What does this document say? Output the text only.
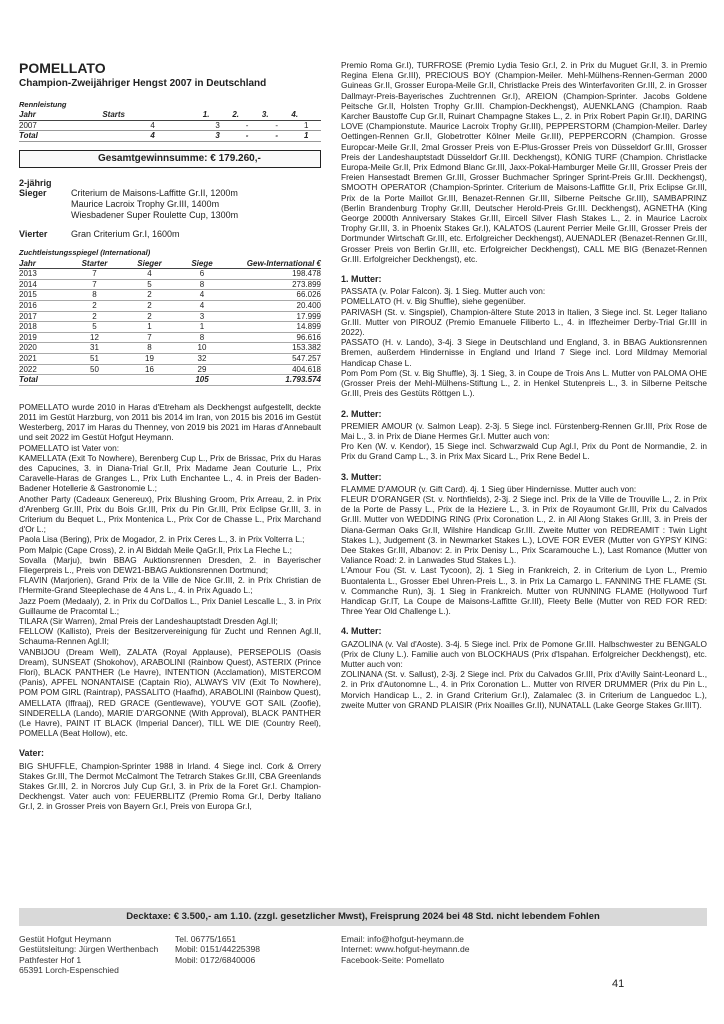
POMELLATO
Champion-Zweijähriger Hengst 2007 in Deutschland
Rennleistung
Jahr	Starts	1.	2.	3.	4.
2007	4	3	-	-	1
Total	4	3	-	-	1
Gesamtgewinnsumme: € 179.260,-
2-jährig
Sieger	Criterium de Maisons-Laffitte Gr.II, 1200m
Maurice Lacroix Trophy Gr.III, 1400m
Wiesbadener Super Roulette Cup, 1300m
Vierter	Gran Criterium Gr.I, 1600m
Zuchtleistungsspiegel (International)
Jahr	Starter	Sieger	Siege	Gew-International €
2013	7	4	6	198.478
2014	7	5	8	273.899
2015	8	2	4	66.026
2016	2	2	4	20.400
2017	2	2	3	17.999
2018	5	1	1	14.899
2019	12	7	8	96.616
2020	31	8	10	153.382
2021	51	19	32	547.257
2022	50	16	29	404.618
Total			105	1.793.574
POMELLATO wurde 2010 in Haras d'Etreham als Deckhengst aufgestellt, deckte 2011 im Gestüt Harzburg, von 2011 bis 2014 im Iran, von 2015 bis 2016 im Gestüt Westerberg, 2017 im Haras du Thenney, von 2019 bis 2021 im Haras d'Annebault und seit 2022 im Gestüt Hofgut Heymann.
POMELLATO ist Vater von:
KAMELLATA (Exit To Nowhere), Berenberg Cup L., Prix de Brissac, Prix du Haras des Capucines, 3. in Diana-Trial Gr.II, Prix Madame Jean Couturie L., Prix Caravelle-Haras de Granges L., Prix Luth Enchantee L., 4. in Preis der Baden-Badener Hotellerie & Gastronomie L.;
Another Party (Cadeaux Genereux), Prix Blushing Groom, Prix Arreau, 2. in Prix d'Arenberg Gr.III, Prix du Bois Gr.III, Prix du Pin Gr.III, Prix Eclipse Gr.III, 3. in Criterium du Bequet L., Prix Montenica L., Prix Cor de Chasse L., Prix Marchand d'Or L.;
Paola Lisa (Bering), Prix de Mogador, 2. in Prix Ceres L., 3. in Prix Volterra L.;
Pom Malpic (Cape Cross), 2. in Al Biddah Meile QaGr.II, Prix La Fleche L.;
Sovalla (Marju), bwin BBAG Auktionsrennen Dresden, 2. in Bayerischer Fliegerpreis L., Preis von DEW21-BBAG Auktionsrennen Dortmund;
FLAVIN (Marjorien), Grand Prix de la Ville de Nice Gr.III, 2. in Prix Christian de l'Hermite-Grand Steeplechase de 4 Ans L., 4. in Prix Aguado L.;
Jazz Poem (Medaaly), 2. in Prix du Col'Dallos L., Prix Daniel Lescalle L., 3. in Prix Guillaume de Pracomtal L.;
TILARA (Sir Warren), 2mal Preis der Landeshauptstadt Dresden Agl.II;
FELLOW (Kallisto), Preis der Besitzervereinigung für Zucht und Rennen Agl.II, Schauma-Rennen Agl.II;
VANBIJOU (Dream Well), ZALATA (Royal Applause), PERSEPOLIS (Oasis Dream), SUNSEAT (Shokohov), ARABOLINI (Rainbow Quest), ASTERIX (Prince Flori), BLACK PANTHER (Le Havre), INTENTION (Acclamation), MISTERCOM (Panis), APFEL NONANTAISE (Captain Rio), ALWAYS VIV (Exit To Nowhere), POM POM GIRL (Raintrap), PASSALITO (Haafhd), ARABOLINI (Rainbow Quest), AMELLATA (Iffraaj), RED GRACE (Gentlewave), YOU'VE GOT SAIL (Zoofie), SINDERELLA (Lando), MARIE D'ARGONNE (With Approval), BLACK PANTHER (Le Havre), PAINT IT BLACK (Imperial Dancer), TILL WE DIE (Country Reel), POMELLA (Beat Hollow), etc.
Vater:
BIG SHUFFLE, Champion-Sprinter 1988 in Irland. 4 Siege incl. Cork & Orrery Stakes Gr.III, The Dermot McCalmont The Tetrarch Stakes Gr.III, CBA Greenlands Stakes Gr.III, 2. in Norcros July Cup Gr.I, 3. in Prix de la Foret Gr.I. Champion-Deckhengst. Vater auch von: FEUERBLITZ (Premio Roma Gr.I, Derby Italiano Gr.I, 2. in Grosser Preis von Bayern Gr.I, Preis von Europa Gr.I,
Premio Roma Gr.I), TURFROSE (Premio Lydia Tesio Gr.I, 2. in Prix du Muguet Gr.II, 3. in Premio Regina Elena Gr.III), PRECIOUS BOY (Champion-Meiler. Mehl-Mülhens-Rennen-German 2000 Guineas Gr.II, Grosser Europa-Meile Gr.II, Christlacke Preis des Winterfavoriten Gr.III, 2. in Grosser Dallmayr-Preis-Bayerisches Zuchtrennen Gr.I), AREION (Champion-Sprinter. Jacobs Goldene Peitsche Gr.II, Holsten Trophy Gr.III. Champion-Deckhengst), AUENKLANG (Champion. Raab Karcher Baustoffe Cup Gr.II, Ruinart Champagne Stakes L., 2. in Prix Robert Papin Gr.II), DARING LOVE (Championstute. Maurice Lacroix Trophy Gr.III), PEPPERSTORM (Champion-Meiler. Darley Oettingen-Rennen Gr.II, Globetrotter Kölner Meile Gr.III), PEPPERCORN (Champion. Grosse Europcar-Meile Gr.II, 2mal Grosser Preis von E-Plus-Grosser Preis von Düsseldorf Gr.III, Grosser Preis der Landeshauptstadt Düsseldorf Gr.III. Deckhengst), KÖNIG TURF (Champion. Christlacke Europa-Meile Gr.II, Prix Edmond Blanc Gr.III, Jaxx-Pokal-Hamburger Meile Gr.III, Grosser Preis der Freien Hansestadt Bremen Gr.III, Grosser Buchmacher Springer Sprint-Preis Gr.III. Deckhengst), SMOOTH OPERATOR (Champion-Sprinter. Criterium de Maisons-Laffitte Gr.II, Prix Eclipse Gr.III, Prix de la Porte Maillot Gr.III, Benazet-Rennen Gr.III, Silberne Peitsche Gr.III), SAMBAPRINZ (Berlin Brandenburg Trophy Gr.III, Deutscher Herold-Preis Gr.III. Deckhengst), AGNETHA (King George 2000th Anniversary Stakes Gr.III, Eircell Silver Flash Stakes L., 2. in Maurice Lacroix Trophy Gr.III, 3. in Phoenix Stakes Gr.I), KALATOS (Laurent Perrier Meile Gr.III, Grosser Preis der Dortmunder Wirtschaft Gr.III, etc. Erfolgreicher Deckhengst), AUENADLER (Benazet-Rennen Gr.III, Grosser Preis von Berlin Gr.III, etc. Erfolgreicher Deckhengst), CALL ME BIG (Benazet-Rennen Gr.III. Erfolgreicher Deckhengst), etc.
1. Mutter:
PASSATA (v. Polar Falcon). 3j. 1 Sieg. Mutter auch von:
POMELLATO (H. v. Big Shuffle), siehe gegenüber.
PARIVASH (St. v. Singspiel), Champion-ältere Stute 2013 in Italien, 3 Siege incl. St. Leger Italiano Gr.III. Mutter von PIROUZ (Premio Emanuele Filiberto L., 4. in Iffezheimer Derby-Trial Gr.III in 2022).
PASSATO (H. v. Lando), 3-4j. 3 Siege in Deutschland und England, 3. in BBAG Auktionsrennen Bremen, außerdem Hindernisse in England und Irland 7 Siege incl. Lord Mildmay Memorial Handicap Chase L.
Pom Pom Pom (St. v. Big Shuffle), 3j. 1 Sieg, 3. in Coupe de Trois Ans L. Mutter von PALOMA OHE (Grosser Preis der Mehl-Mülhens-Stiftung L., 2. in Henkel Stutenpreis L., 3. in Silberne Peitsche Gr.III, Preis des Gestüts Röttgen L.).
2. Mutter:
PREMIER AMOUR (v. Salmon Leap). 2-3j. 5 Siege incl. Fürstenberg-Rennen Gr.III, Prix Rose de Mai L., 3. in Prix de Diane Hermes Gr.I. Mutter auch von:
Pro Ken (W. v. Kendor), 15 Siege incl. Schwarzwald Cup Agl.I, Prix du Pont de Normandie, 2. in Prix du Grand Camp L., 3. in Prix Max Sicard L., Prix Rene Bedel L.
3. Mutter:
FLAMME D'AMOUR (v. Gift Card). 4j. 1 Sieg über Hindernisse. Mutter auch von:
FLEUR D'ORANGER (St. v. Northfields), 2-3j. 2 Siege incl. Prix de la Ville de Trouville L., 2. in Prix de la Porte de Passy L., Prix de la Heziere L., 3. in Prix de Royaumont Gr.III, Prix du Calvados Gr.III. Mutter von WEDDING RING (Prix Coronation L., 2. in All Along Stakes Gr.III, 3. in Preis der Diana-German Oaks Gr.II, Wilshire Handicap Gr.III. Zweite Mutter von REDREAMIT : Twin Light Stakes L.), Judgement (3. in Newmarket Stakes L.), LOVE FOR EVER (Mutter von GYPSY KING: Dee Stakes Gr.III, Albanov: 2. in Prix Denisy L., Prix Scaramouche L.), Last Romance (Mutter von Valiance Road: 2. in Lanwades Stud Stakes L.).
L'Amour Fou (St. v. Last Tycoon), 2j. 1 Sieg in Frankreich, 2. in Criterium de Lyon L., Premio Buontalenta L., Grosser Ebel Uhren-Preis L., 3. in Prix La Camargo L. FANNING THE FLAME (St. v. Commanche Run), 3j. 1 Sieg in Frankreich. Mutter von RUNNING FLAME (Hollywood Turf Handicap Gr.IT, La Coupe de Maisons-Laffitte Gr.III), Fleety Belle (Mutter von RED FOR RED: Three Year Old Challenge L.).
4. Mutter:
GAZOLINA (v. Val d'Aoste). 3-4j. 5 Siege incl. Prix de Pomone Gr.III. Halbschwester zu BENGALO (Prix de Cluny L.). Familie auch von BLOCKHAUS (Prix d'Ispahan. Erfolgreicher Deckhengst), etc. Mutter auch von:
ZOLINANA (St. v. Sallust), 2-3j. 2 Siege incl. Prix du Calvados Gr.III, Prix d'Avilly Saint-Leonard L., 2. in Prix d'Autonomne L., 4. in Prix Coronation L.. Mutter von RIVER DRUMMER (Prix du Pin L., Morvich Handicap L., 2. in Grand Criterium Gr.I), Zalamalec (3. in Criterium de Languedoc L.), zweite Mutter von GRAND PLAISIR (Prix Noailles Gr.II), NUNATALL (Lake George Stakes Gr.IIIT).
Decktaxe: € 3.500,- am 1.10. (zzgl. gesetzlicher Mwst), Freisprung 2024 bei 48 Std. nicht lebendem Fohlen
Gestüt Hofgut Heymann
Gestütsleitung: Jürgen Werthenbach
Pathfester Hof 1
65391 Lorch-Espenschied
Tel. 06775/1651
Mobil: 0151/44225398
Mobil: 0172/6840006
Email: info@hofgut-heymann.de
Internet: www.hofgut-heymann.de
Facebook-Seite: Pomellato
41
